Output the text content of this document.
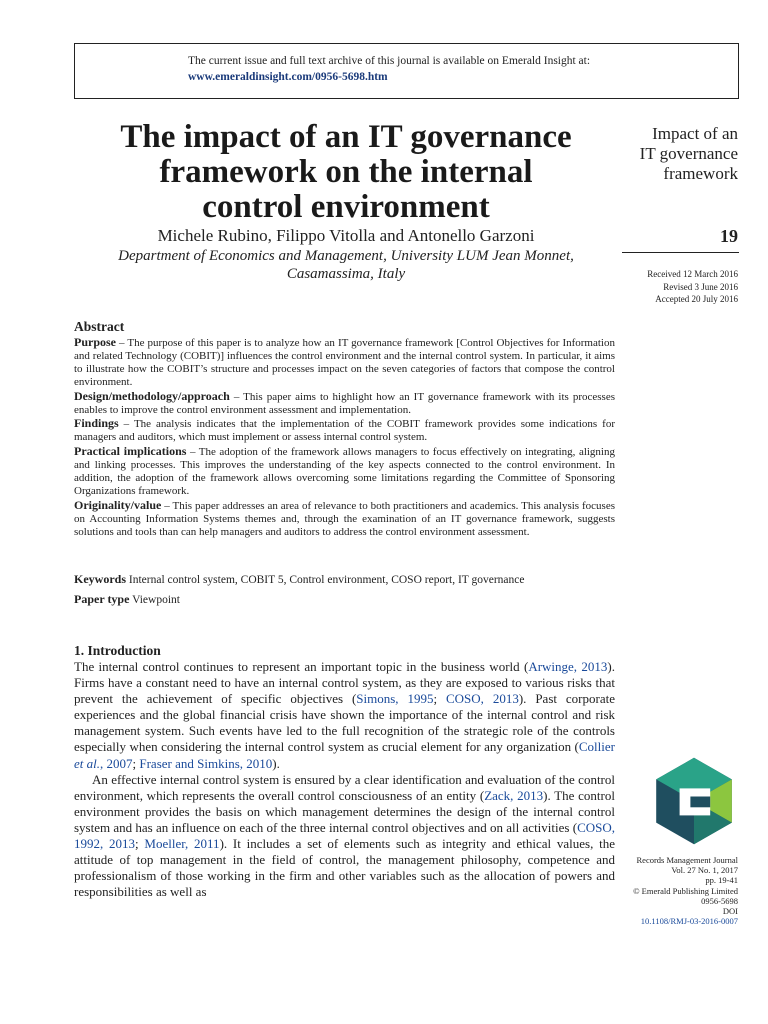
The current issue and full text archive of this journal is available on Emerald Insight at:
www.emeraldinsight.com/0956-5698.htm
The impact of an IT governance
framework on the internal
control environment
Impact of an
IT governance
framework
Michele Rubino, Filippo Vitolla and Antonello Garzoni
Department of Economics and Management, University LUM Jean Monnet,
Casamassima, Italy
19
Received 12 March 2016
Revised 3 June 2016
Accepted 20 July 2016
Abstract

Purpose – The purpose of this paper is to analyze how an IT governance framework [Control Objectives for Information and related Technology (COBIT)] influences the control environment and the internal control system. In particular, it aims to illustrate how the COBIT’s structure and processes impact on the seven categories of factors that compose the control environment.

Design/methodology/approach – This paper aims to highlight how an IT governance framework with its processes enables to improve the control environment assessment and implementation.

Findings – The analysis indicates that the implementation of the COBIT framework provides some indications for managers and auditors, which must implement or assess internal control system.

Practical implications – The adoption of the framework allows managers to focus effectively on integrating, aligning and linking processes. This improves the understanding of the key aspects connected to the control environment. In addition, the adoption of the framework allows overcoming some limitations regarding the Committee of Sponsoring Organizations framework.

Originality/value – This paper addresses an area of relevance to both practitioners and academics. This analysis focuses on Accounting Information Systems themes and, through the examination of an IT governance framework, suggests solutions and tools than can help managers and auditors to address the control environment assessment.

Keywords Internal control system, COBIT 5, Control environment, COSO report, IT governance
Paper type Viewpoint
1. Introduction

The internal control continues to represent an important topic in the business world (Arwinge, 2013). Firms have a constant need to have an internal control system, as they are exposed to various risks that prevent the achievement of specific objectives (Simons, 1995; COSO, 2013). Past corporate experiences and the global financial crisis have shown the importance of the internal control and risk management system. Such events have led to the full recognition of the strategic role of the controls especially when considering the internal control system as crucial element for any organization (Collier et al., 2007; Fraser and Simkins, 2010).

An effective internal control system is ensured by a clear identification and evaluation of the control environment, which represents the overall control consciousness of an entity (Zack, 2013). The control environment provides the basis on which management determines the design of the internal control system and has an influence on each of the three internal control objectives and on all activities (COSO, 1992, 2013; Moeller, 2011). It includes a set of elements such as integrity and ethical values, the attitude of top management in the field of control, the management philosophy, competence and professionalism of those working in the firm and other variables such as the allocation of powers and responsibilities as well as

Records Management Journal
Vol. 27 No. 1, 2017
pp. 19-41
© Emerald Publishing Limited
0956-5698
DOI
10.1108/RMJ-03-2016-0007
